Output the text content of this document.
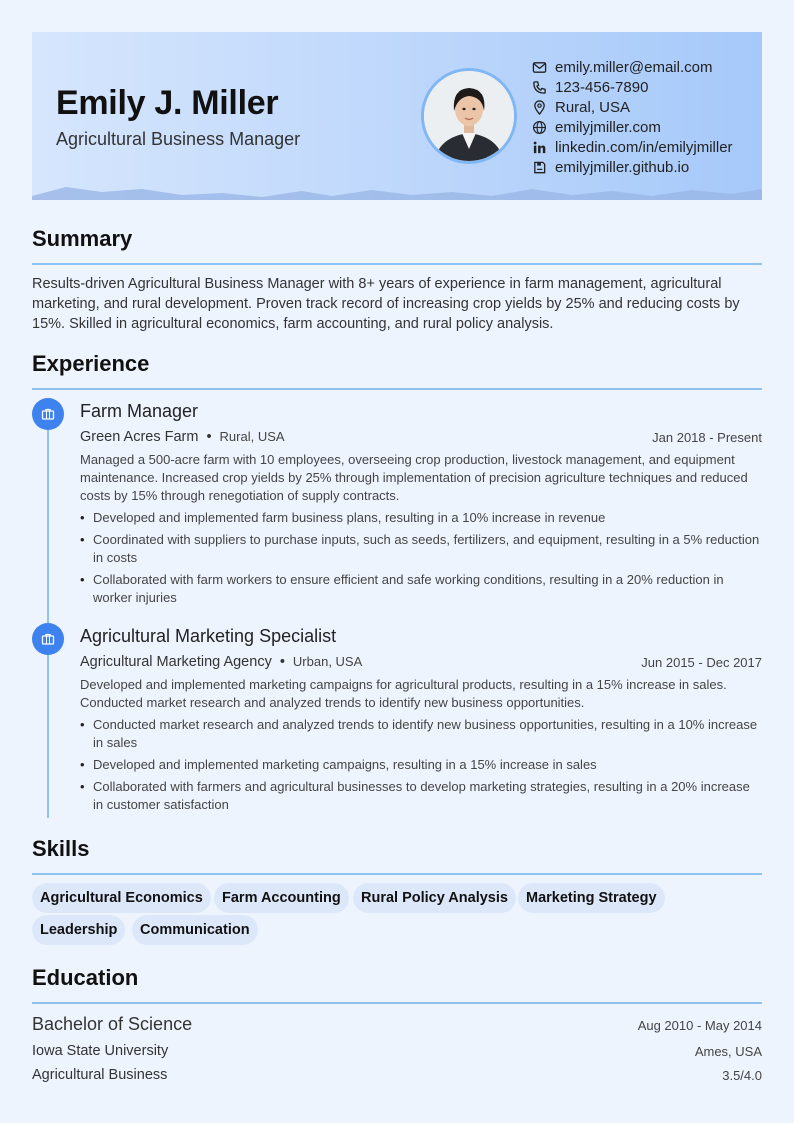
Emily J. Miller
Agricultural Business Manager
emily.miller@email.com
123-456-7890
Rural, USA
emilyjmiller.com
linkedin.com/in/emilyjmiller
emilyjmiller.github.io
Summary
Results-driven Agricultural Business Manager with 8+ years of experience in farm management, agricultural marketing, and rural development. Proven track record of increasing crop yields by 25% and reducing costs by 15%. Skilled in agricultural economics, farm accounting, and rural policy analysis.
Experience
Farm Manager
Green Acres Farm • Rural, USA	Jan 2018 - Present
Managed a 500-acre farm with 10 employees, overseeing crop production, livestock management, and equipment maintenance. Increased crop yields by 25% through implementation of precision agriculture techniques and reduced costs by 15% through renegotiation of supply contracts.
• Developed and implemented farm business plans, resulting in a 10% increase in revenue
• Coordinated with suppliers to purchase inputs, such as seeds, fertilizers, and equipment, resulting in a 5% reduction in costs
• Collaborated with farm workers to ensure efficient and safe working conditions, resulting in a 20% reduction in worker injuries
Agricultural Marketing Specialist
Agricultural Marketing Agency • Urban, USA	Jun 2015 - Dec 2017
Developed and implemented marketing campaigns for agricultural products, resulting in a 15% increase in sales. Conducted market research and analyzed trends to identify new business opportunities.
• Conducted market research and analyzed trends to identify new business opportunities, resulting in a 10% increase in sales
• Developed and implemented marketing campaigns, resulting in a 15% increase in sales
• Collaborated with farmers and agricultural businesses to develop marketing strategies, resulting in a 20% increase in customer satisfaction
Skills
Agricultural Economics	Farm Accounting	Rural Policy Analysis	Marketing Strategy
Leadership	Communication
Education
Bachelor of Science	Aug 2010 - May 2014
Iowa State University	Ames, USA
Agricultural Business	3.5/4.0
